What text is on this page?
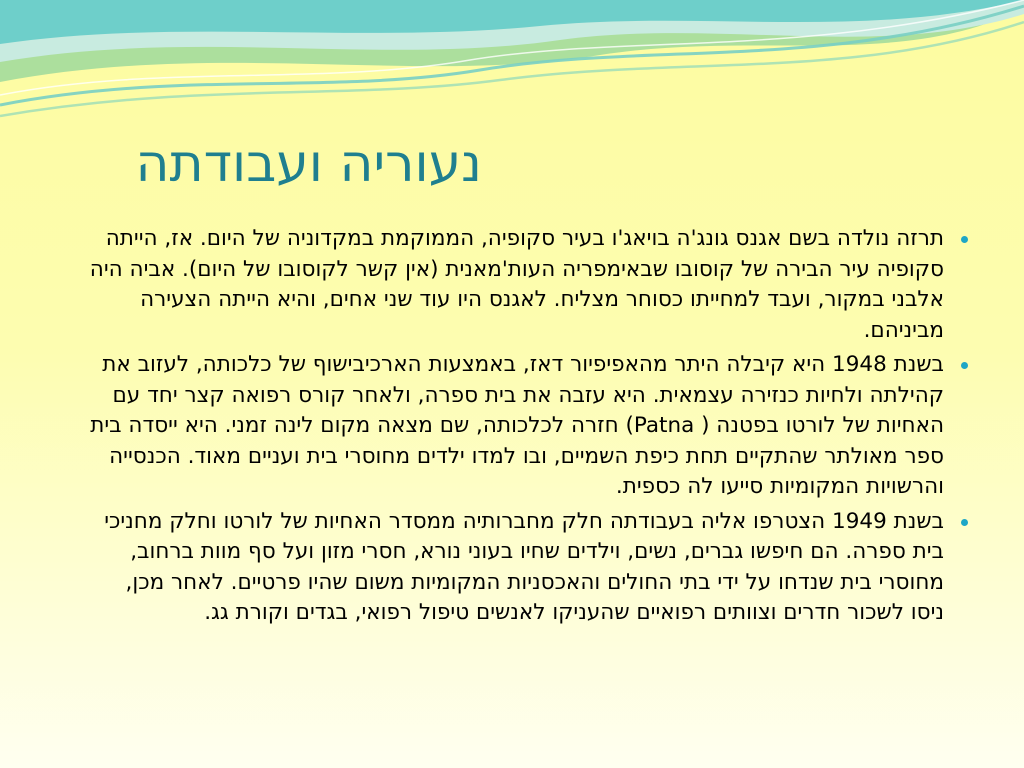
נעוריה ועבודתה
תרזה נולדה בשם אגנס גונג'ה בויאג'ו בעיר סקופיה, הממוקמת במקדוניה של היום. אז, הייתה סקופיה עיר הבירה של קוסובו שבאימפריה העות'מאנית (אין קשר לקוסובו של היום). אביה היה אלבני במקור, ועבד למחייתו כסוחר מצליח. לאגנס היו עוד שני אחים, והיא הייתה הצעירה מביניהם.
בשנת 1948 היא קיבלה היתר מהאפיפיור דאז, באמצעות הארכיבישוף של כלכותה, לעזוב את קהילתה ולחיות כנזירה עצמאית. היא עזבה את בית ספרה, ולאחר קורס רפואה קצר יחד עם האחיות של לורטו בפטנה ( Patna) חזרה לכלכותה, שם מצאה מקום לינה זמני. היא ייסדה בית ספר מאולתר שהתקיים תחת כיפת השמיים, ובו למדו ילדים מחוסרי בית ועניים מאוד. הכנסייה והרשויות המקומיות סייעו לה כספית.
בשנת 1949 הצטרפו אליה בעבודתה חלק מחברותיה ממסדר האחיות של לורטו וחלק מחניכי בית ספרה. הם חיפשו גברים, נשים, וילדים שחיו בעוני נורא, חסרי מזון ועל סף מוות ברחוב, מחוסרי בית שנדחו על ידי בתי החולים והאכסניות המקומיות משום שהיו פרטיים. לאחר מכן, ניסו לשכור חדרים וצוותים רפואיים שהעניקו לאנשים טיפול רפואי, בגדים וקורת גג.
